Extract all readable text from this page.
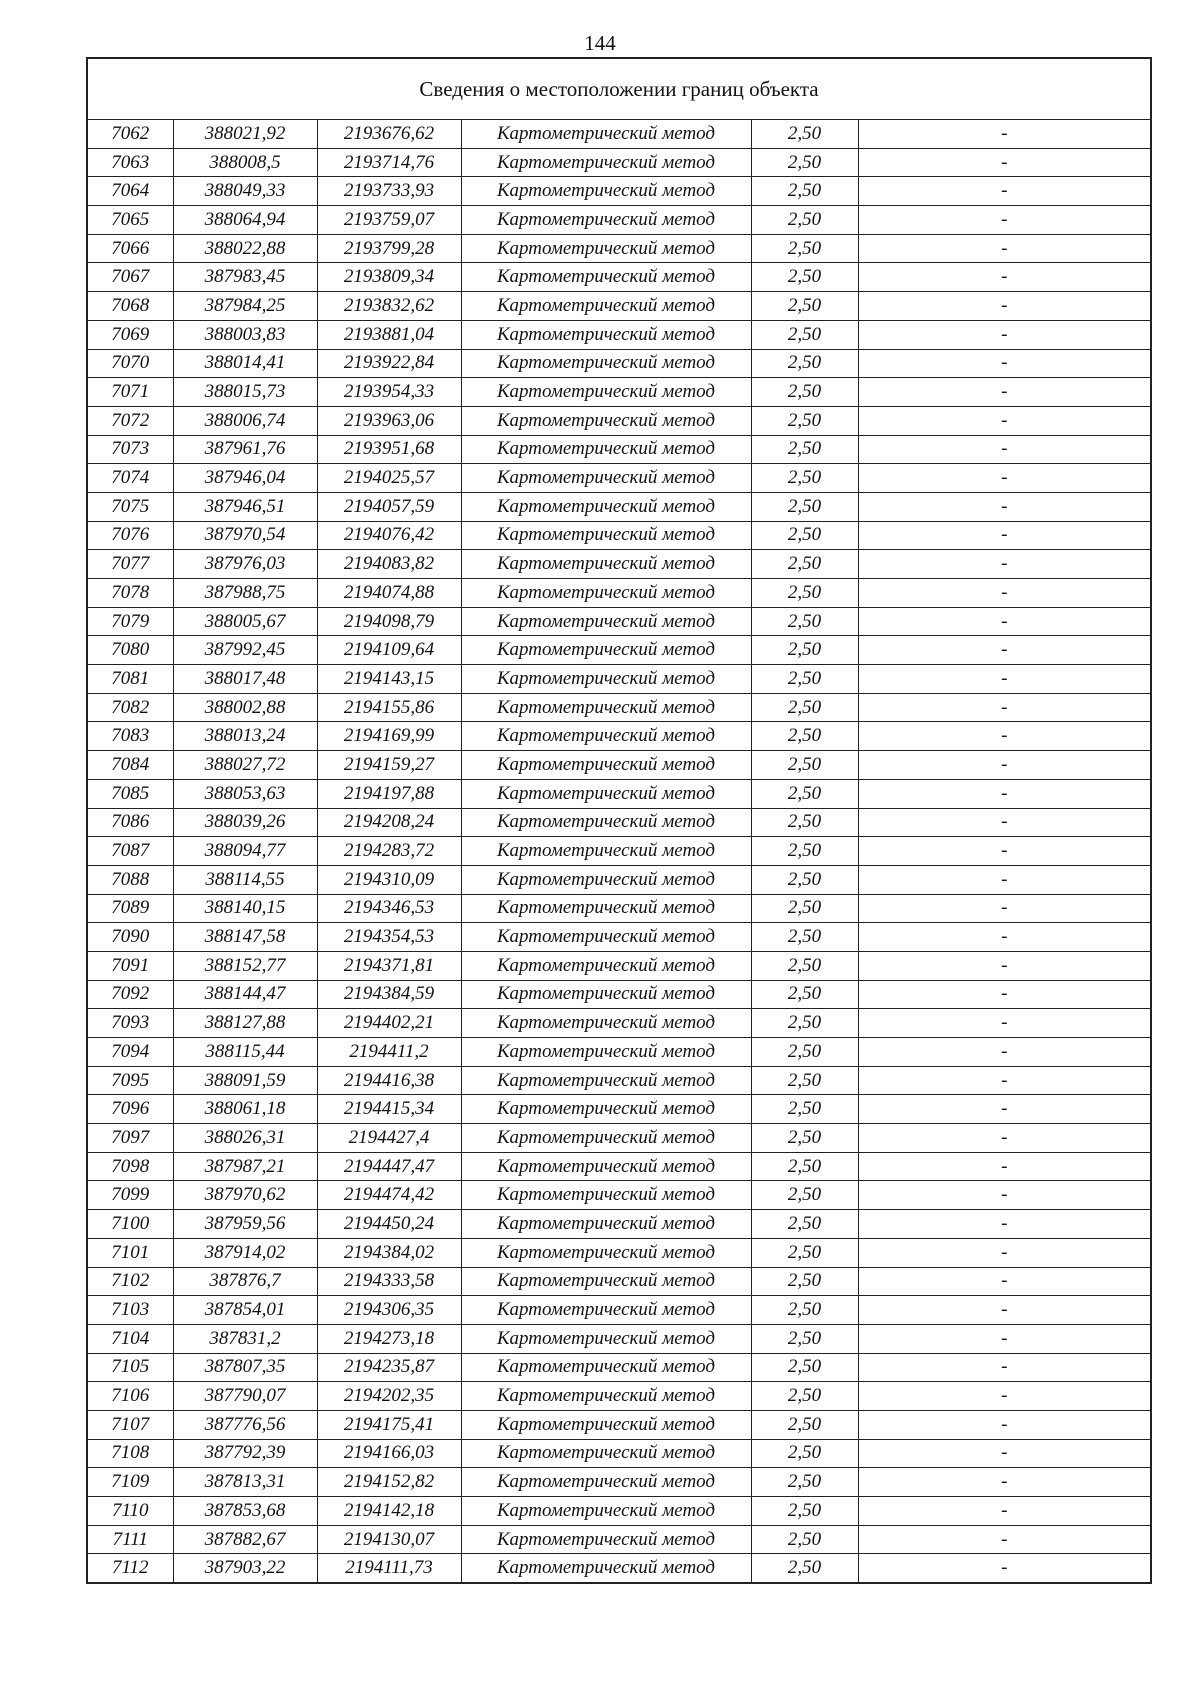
144
Сведения о местоположении границ объекта					
7062	388021,92	2193676,62	Картометрический метод	2,50	-
7063	388008,5	2193714,76	Картометрический метод	2,50	-
7064	388049,33	2193733,93	Картометрический метод	2,50	-
7065	388064,94	2193759,07	Картометрический метод	2,50	-
7066	388022,88	2193799,28	Картометрический метод	2,50	-
7067	387983,45	2193809,34	Картометрический метод	2,50	-
7068	387984,25	2193832,62	Картометрический метод	2,50	-
7069	388003,83	2193881,04	Картометрический метод	2,50	-
7070	388014,41	2193922,84	Картометрический метод	2,50	-
7071	388015,73	2193954,33	Картометрический метод	2,50	-
7072	388006,74	2193963,06	Картометрический метод	2,50	-
7073	387961,76	2193951,68	Картометрический метод	2,50	-
7074	387946,04	2194025,57	Картометрический метод	2,50	-
7075	387946,51	2194057,59	Картометрический метод	2,50	-
7076	387970,54	2194076,42	Картометрический метод	2,50	-
7077	387976,03	2194083,82	Картометрический метод	2,50	-
7078	387988,75	2194074,88	Картометрический метод	2,50	-
7079	388005,67	2194098,79	Картометрический метод	2,50	-
7080	387992,45	2194109,64	Картометрический метод	2,50	-
7081	388017,48	2194143,15	Картометрический метод	2,50	-
7082	388002,88	2194155,86	Картометрический метод	2,50	-
7083	388013,24	2194169,99	Картометрический метод	2,50	-
7084	388027,72	2194159,27	Картометрический метод	2,50	-
7085	388053,63	2194197,88	Картометрический метод	2,50	-
7086	388039,26	2194208,24	Картометрический метод	2,50	-
7087	388094,77	2194283,72	Картометрический метод	2,50	-
7088	388114,55	2194310,09	Картометрический метод	2,50	-
7089	388140,15	2194346,53	Картометрический метод	2,50	-
7090	388147,58	2194354,53	Картометрический метод	2,50	-
7091	388152,77	2194371,81	Картометрический метод	2,50	-
7092	388144,47	2194384,59	Картометрический метод	2,50	-
7093	388127,88	2194402,21	Картометрический метод	2,50	-
7094	388115,44	2194411,2	Картометрический метод	2,50	-
7095	388091,59	2194416,38	Картометрический метод	2,50	-
7096	388061,18	2194415,34	Картометрический метод	2,50	-
7097	388026,31	2194427,4	Картометрический метод	2,50	-
7098	387987,21	2194447,47	Картометрический метод	2,50	-
7099	387970,62	2194474,42	Картометрический метод	2,50	-
7100	387959,56	2194450,24	Картометрический метод	2,50	-
7101	387914,02	2194384,02	Картометрический метод	2,50	-
7102	387876,7	2194333,58	Картометрический метод	2,50	-
7103	387854,01	2194306,35	Картометрический метод	2,50	-
7104	387831,2	2194273,18	Картометрический метод	2,50	-
7105	387807,35	2194235,87	Картометрический метод	2,50	-
7106	387790,07	2194202,35	Картометрический метод	2,50	-
7107	387776,56	2194175,41	Картометрический метод	2,50	-
7108	387792,39	2194166,03	Картометрический метод	2,50	-
7109	387813,31	2194152,82	Картометрический метод	2,50	-
7110	387853,68	2194142,18	Картометрический метод	2,50	-
7111	387882,67	2194130,07	Картометрический метод	2,50	-
7112	387903,22	2194111,73	Картометрический метод	2,50	-
